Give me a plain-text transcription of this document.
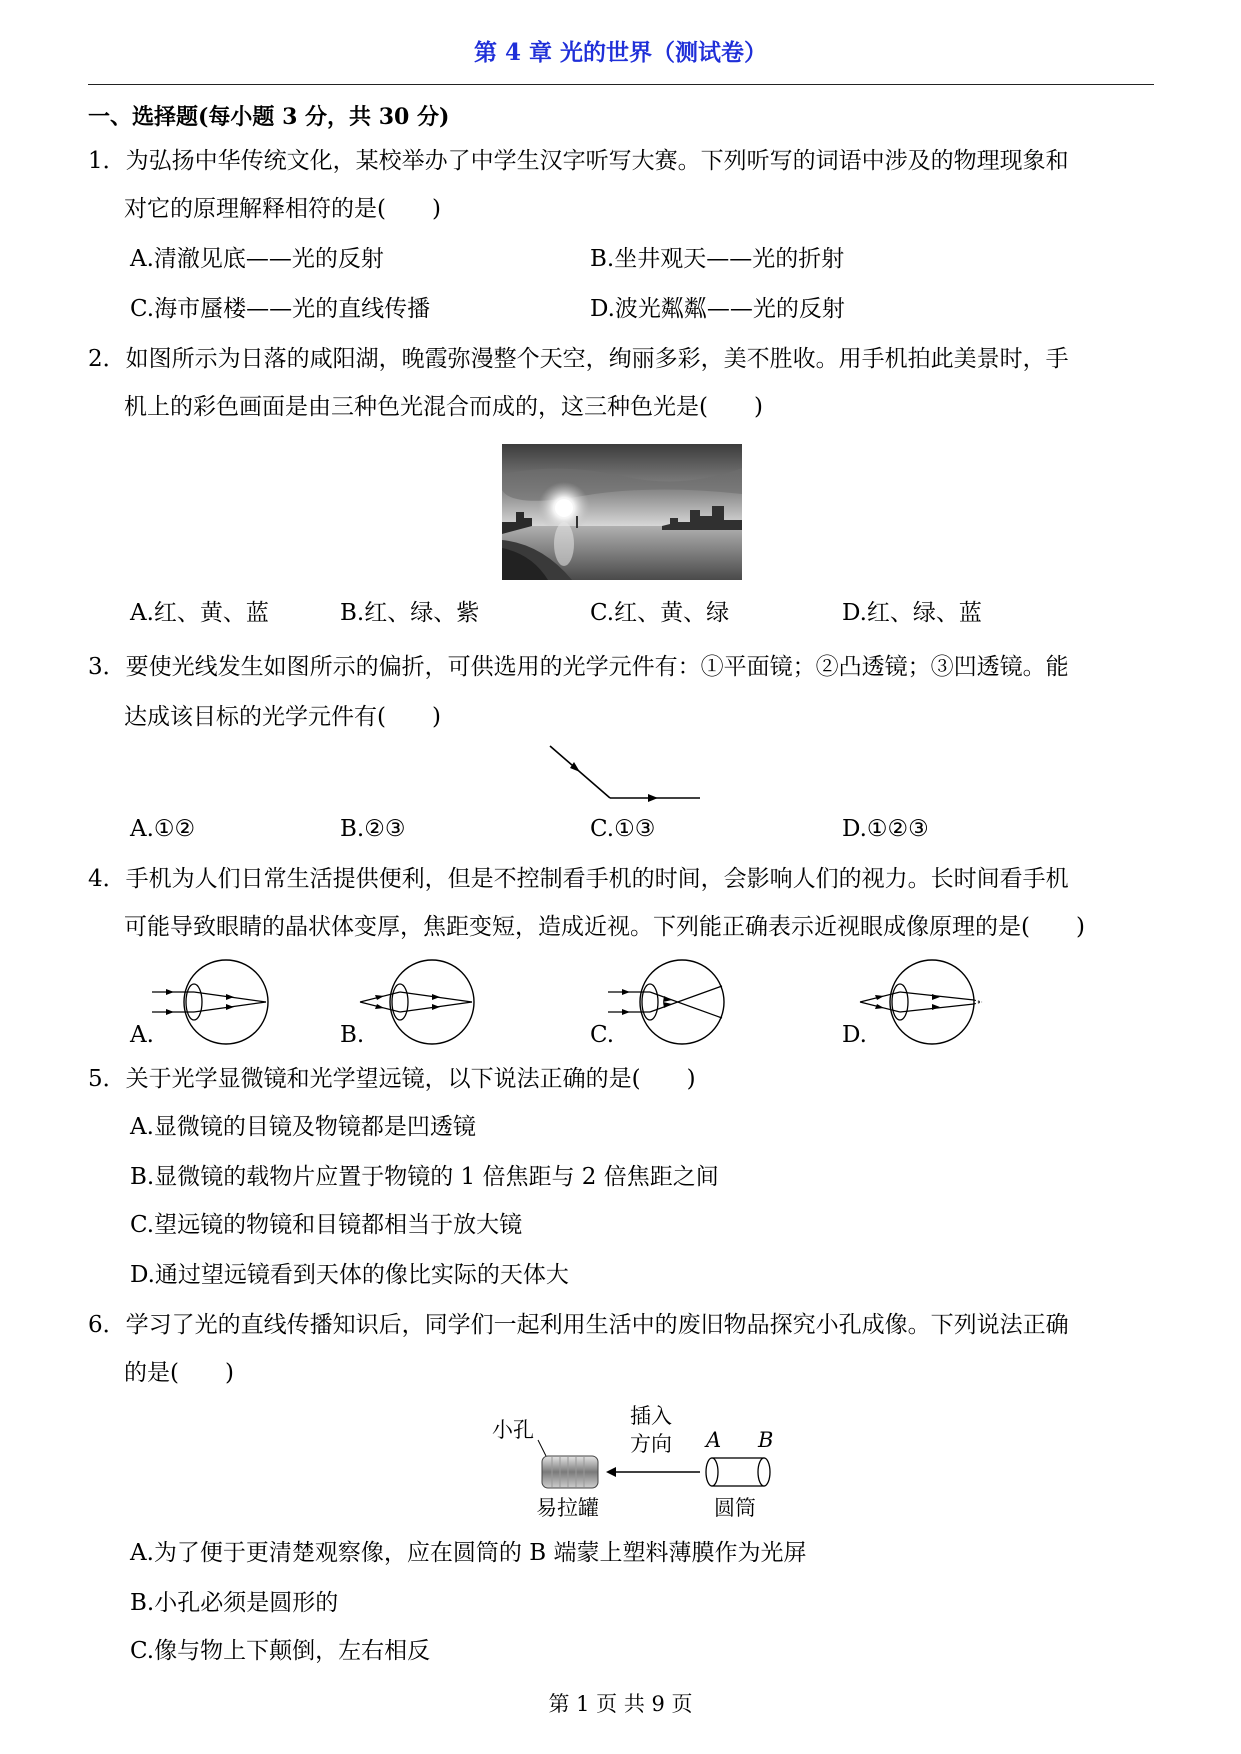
第 4 章 光的世界（测试卷）
一、选择题(每小题 3 分，共 30 分)
1．为弘扬中华传统文化，某校举办了中学生汉字听写大赛。下列听写的词语中涉及的物理现象和
对它的原理解释相符的是(　　)
A.清澈见底——光的反射	B.坐井观天——光的折射
C.海市蜃楼——光的直线传播	D.波光粼粼——光的反射
2．如图所示为日落的咸阳湖，晚霞弥漫整个天空，绚丽多彩，美不胜收。用手机拍此美景时，手
机上的彩色画面是由三种色光混合而成的，这三种色光是(　　)
A.红、黄、蓝	B.红、绿、紫	C.红、黄、绿	D.红、绿、蓝
3．要使光线发生如图所示的偏折，可供选用的光学元件有：①平面镜；②凸透镜；③凹透镜。能
达成该目标的光学元件有(　　)
A.①②	B.②③	C.①③	D.①②③
4．手机为人们日常生活提供便利，但是不控制看手机的时间，会影响人们的视力。长时间看手机
可能导致眼睛的晶状体变厚，焦距变短，造成近视。下列能正确表示近视眼成像原理的是(　　)
A.	B.	C.	D.
5．关于光学显微镜和光学望远镜，以下说法正确的是(　　)
A.显微镜的目镜及物镜都是凹透镜
B.显微镜的载物片应置于物镜的 1 倍焦距与 2 倍焦距之间
C.望远镜的物镜和目镜都相当于放大镜
D.通过望远镜看到天体的像比实际的天体大
6．学习了光的直线传播知识后，同学们一起利用生活中的废旧物品探究小孔成像。下列说法正确
的是(　　)
小孔
插入
方向 A B
易拉罐	圆筒
A.为了便于更清楚观察像，应在圆筒的 B 端蒙上塑料薄膜作为光屏
B.小孔必须是圆形的
C.像与物上下颠倒，左右相反
第 1 页 共 9 页
